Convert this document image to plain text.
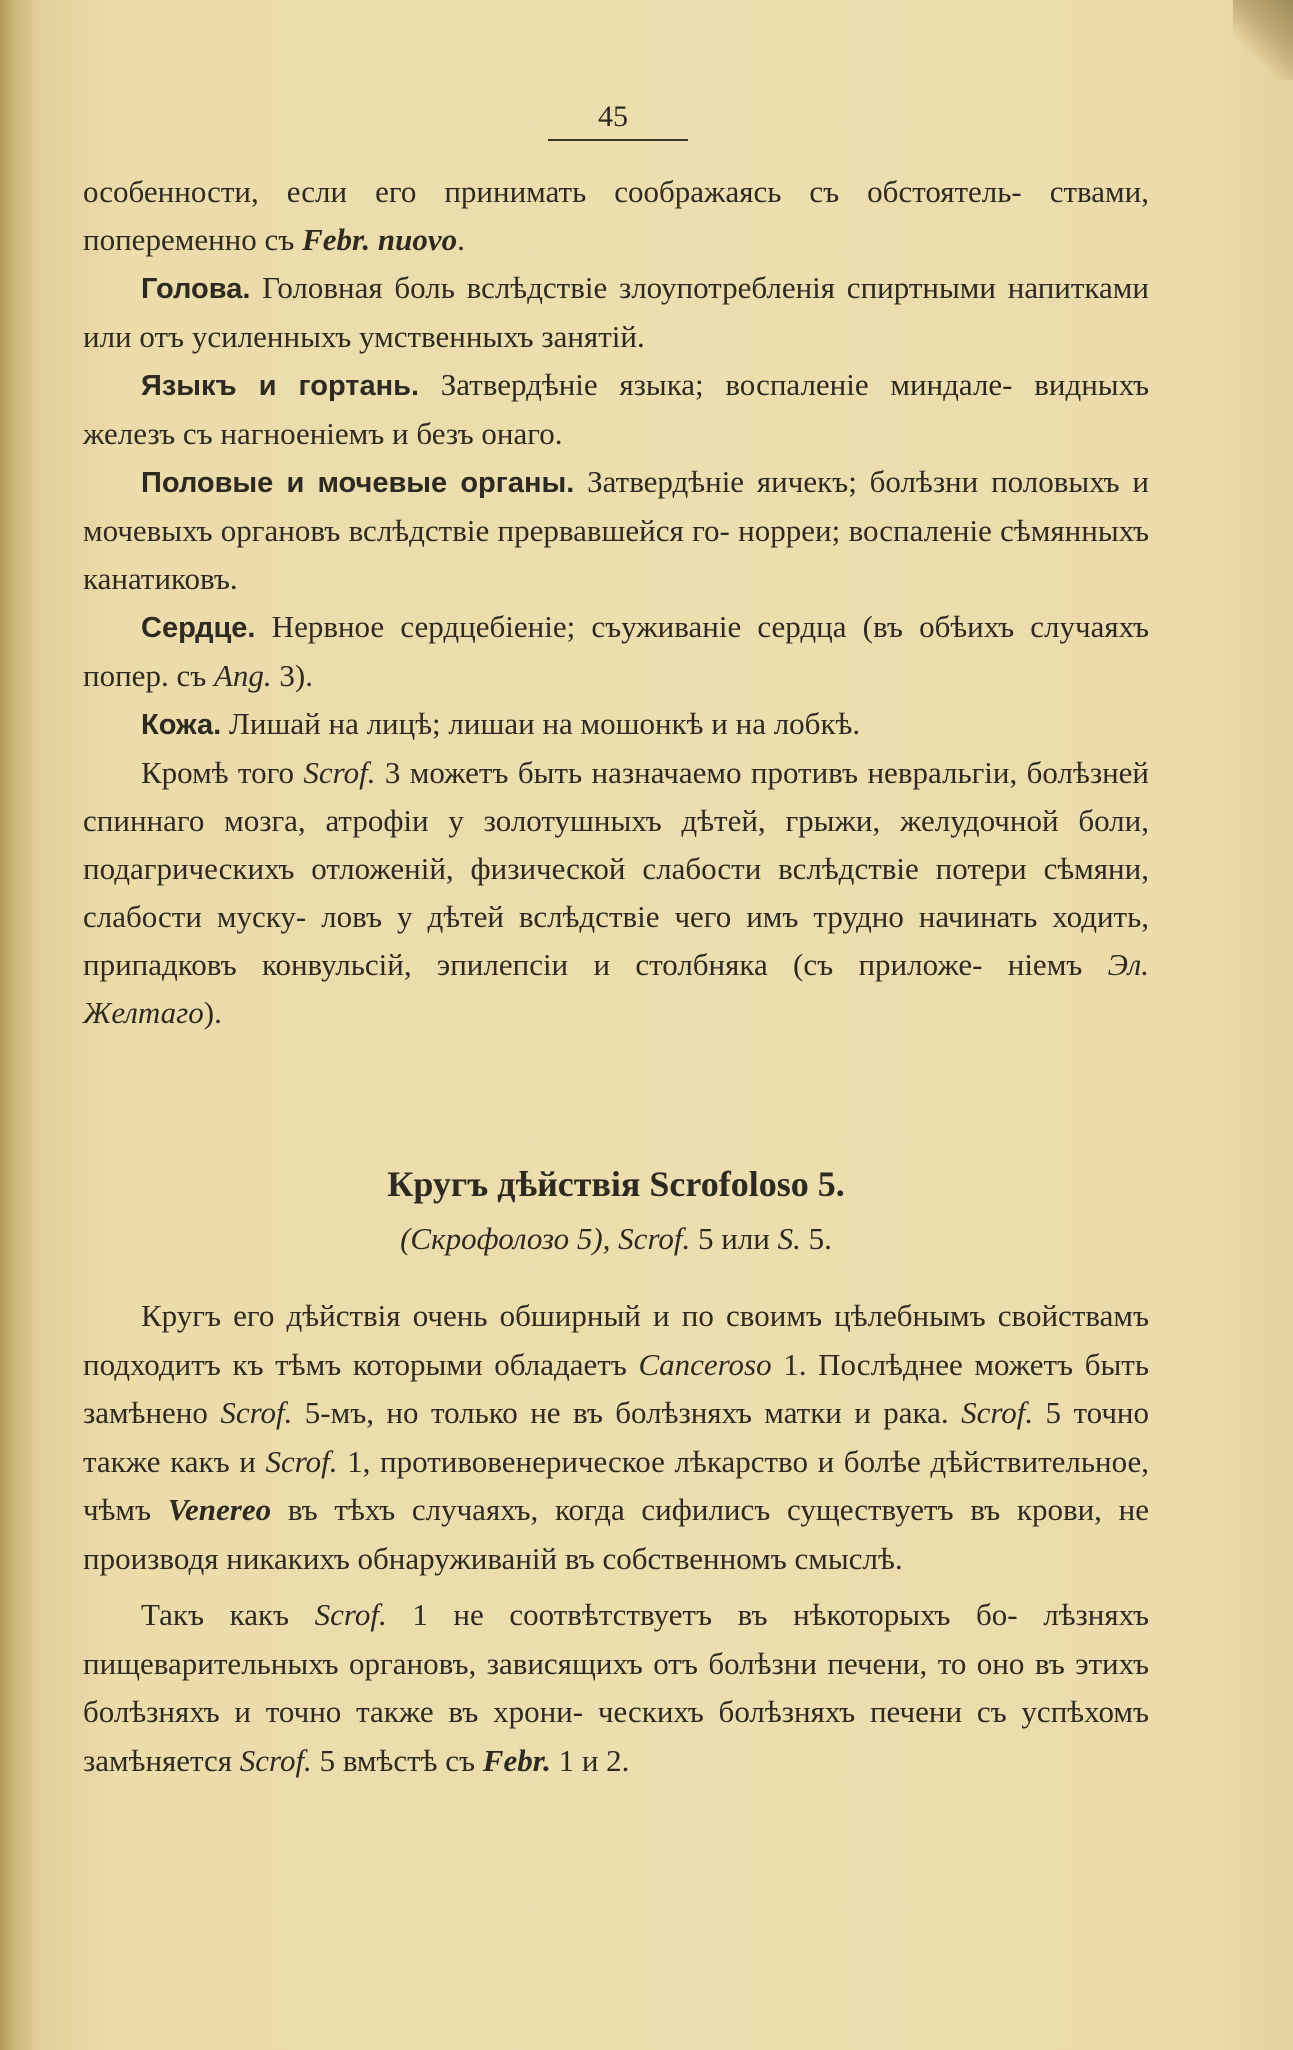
45

особенности, если его принимать соображаясь съ обстоятель- ствами, попеременно съ Febr. nuovo.

Голова. Головная боль вслѣдствіе злоупотребленія спиртными напитками или отъ усиленныхъ умственныхъ занятій.

Языкъ и гортань. Затвердѣніе языка; воспаленіе миндале- видныхъ железъ съ нагноеніемъ и безъ онаго.

Половые и мочевые органы. Затвердѣніе яичекъ; болѣзни половыхъ и мочевыхъ органовъ вслѣдствіе прервавшейся го- норреи; воспаленіе сѣмянныхъ канатиковъ.

Сердце. Нервное сердцебіеніе; съуживаніе сердца (въ обѣихъ случаяхъ попер. съ Ang. 3).

Кожа. Лишай на лицѣ; лишаи на мошонкѣ и на лобкѣ.

Кромѣ того Scrof. 3 можетъ быть назначаемо противъ невральгіи, болѣзней спиннаго мозга, атрофіи у золотушныхъ дѣтей, грыжи, желудочной боли, подагрическихъ отложеній, физической слабости вслѣдствіе потери сѣмяни, слабости муску- ловъ у дѣтей вслѣдствіе чего имъ трудно начинать ходить, припадковъ конвульсій, эпилепсіи и столбняка (съ приложе- ніемъ Эл. Желтаго).

Кругъ дѣйствія Scrofoloso 5.
(Скрофолозо 5), Scrof. 5 или S. 5.

Кругъ его дѣйствія очень обширный и по своимъ цѣлебнымъ свойствамъ подходитъ къ тѣмъ которыми обладаетъ Canceroso 1. Послѣднее можетъ быть замѣнено Scrof. 5-мъ, но только не въ болѣзняхъ матки и рака. Scrof. 5 точно также какъ и Scrof. 1, противовенерическое лѣкарство и болѣе дѣйствительное, чѣмъ Venereo въ тѣхъ случаяхъ, когда сифилисъ существуетъ въ крови, не производя никакихъ обнаруживаній въ собственномъ смыслѣ.

Такъ какъ Scrof. 1 не соотвѣтствуетъ въ нѣкоторыхъ бо- лѣзняхъ пищеварительныхъ органовъ, зависящихъ отъ болѣзни печени, то оно въ этихъ болѣзняхъ и точно также въ хрони- ческихъ болѣзняхъ печени съ успѣхомъ замѣняется Scrof. 5 вмѣстѣ съ Febr. 1 и 2.
